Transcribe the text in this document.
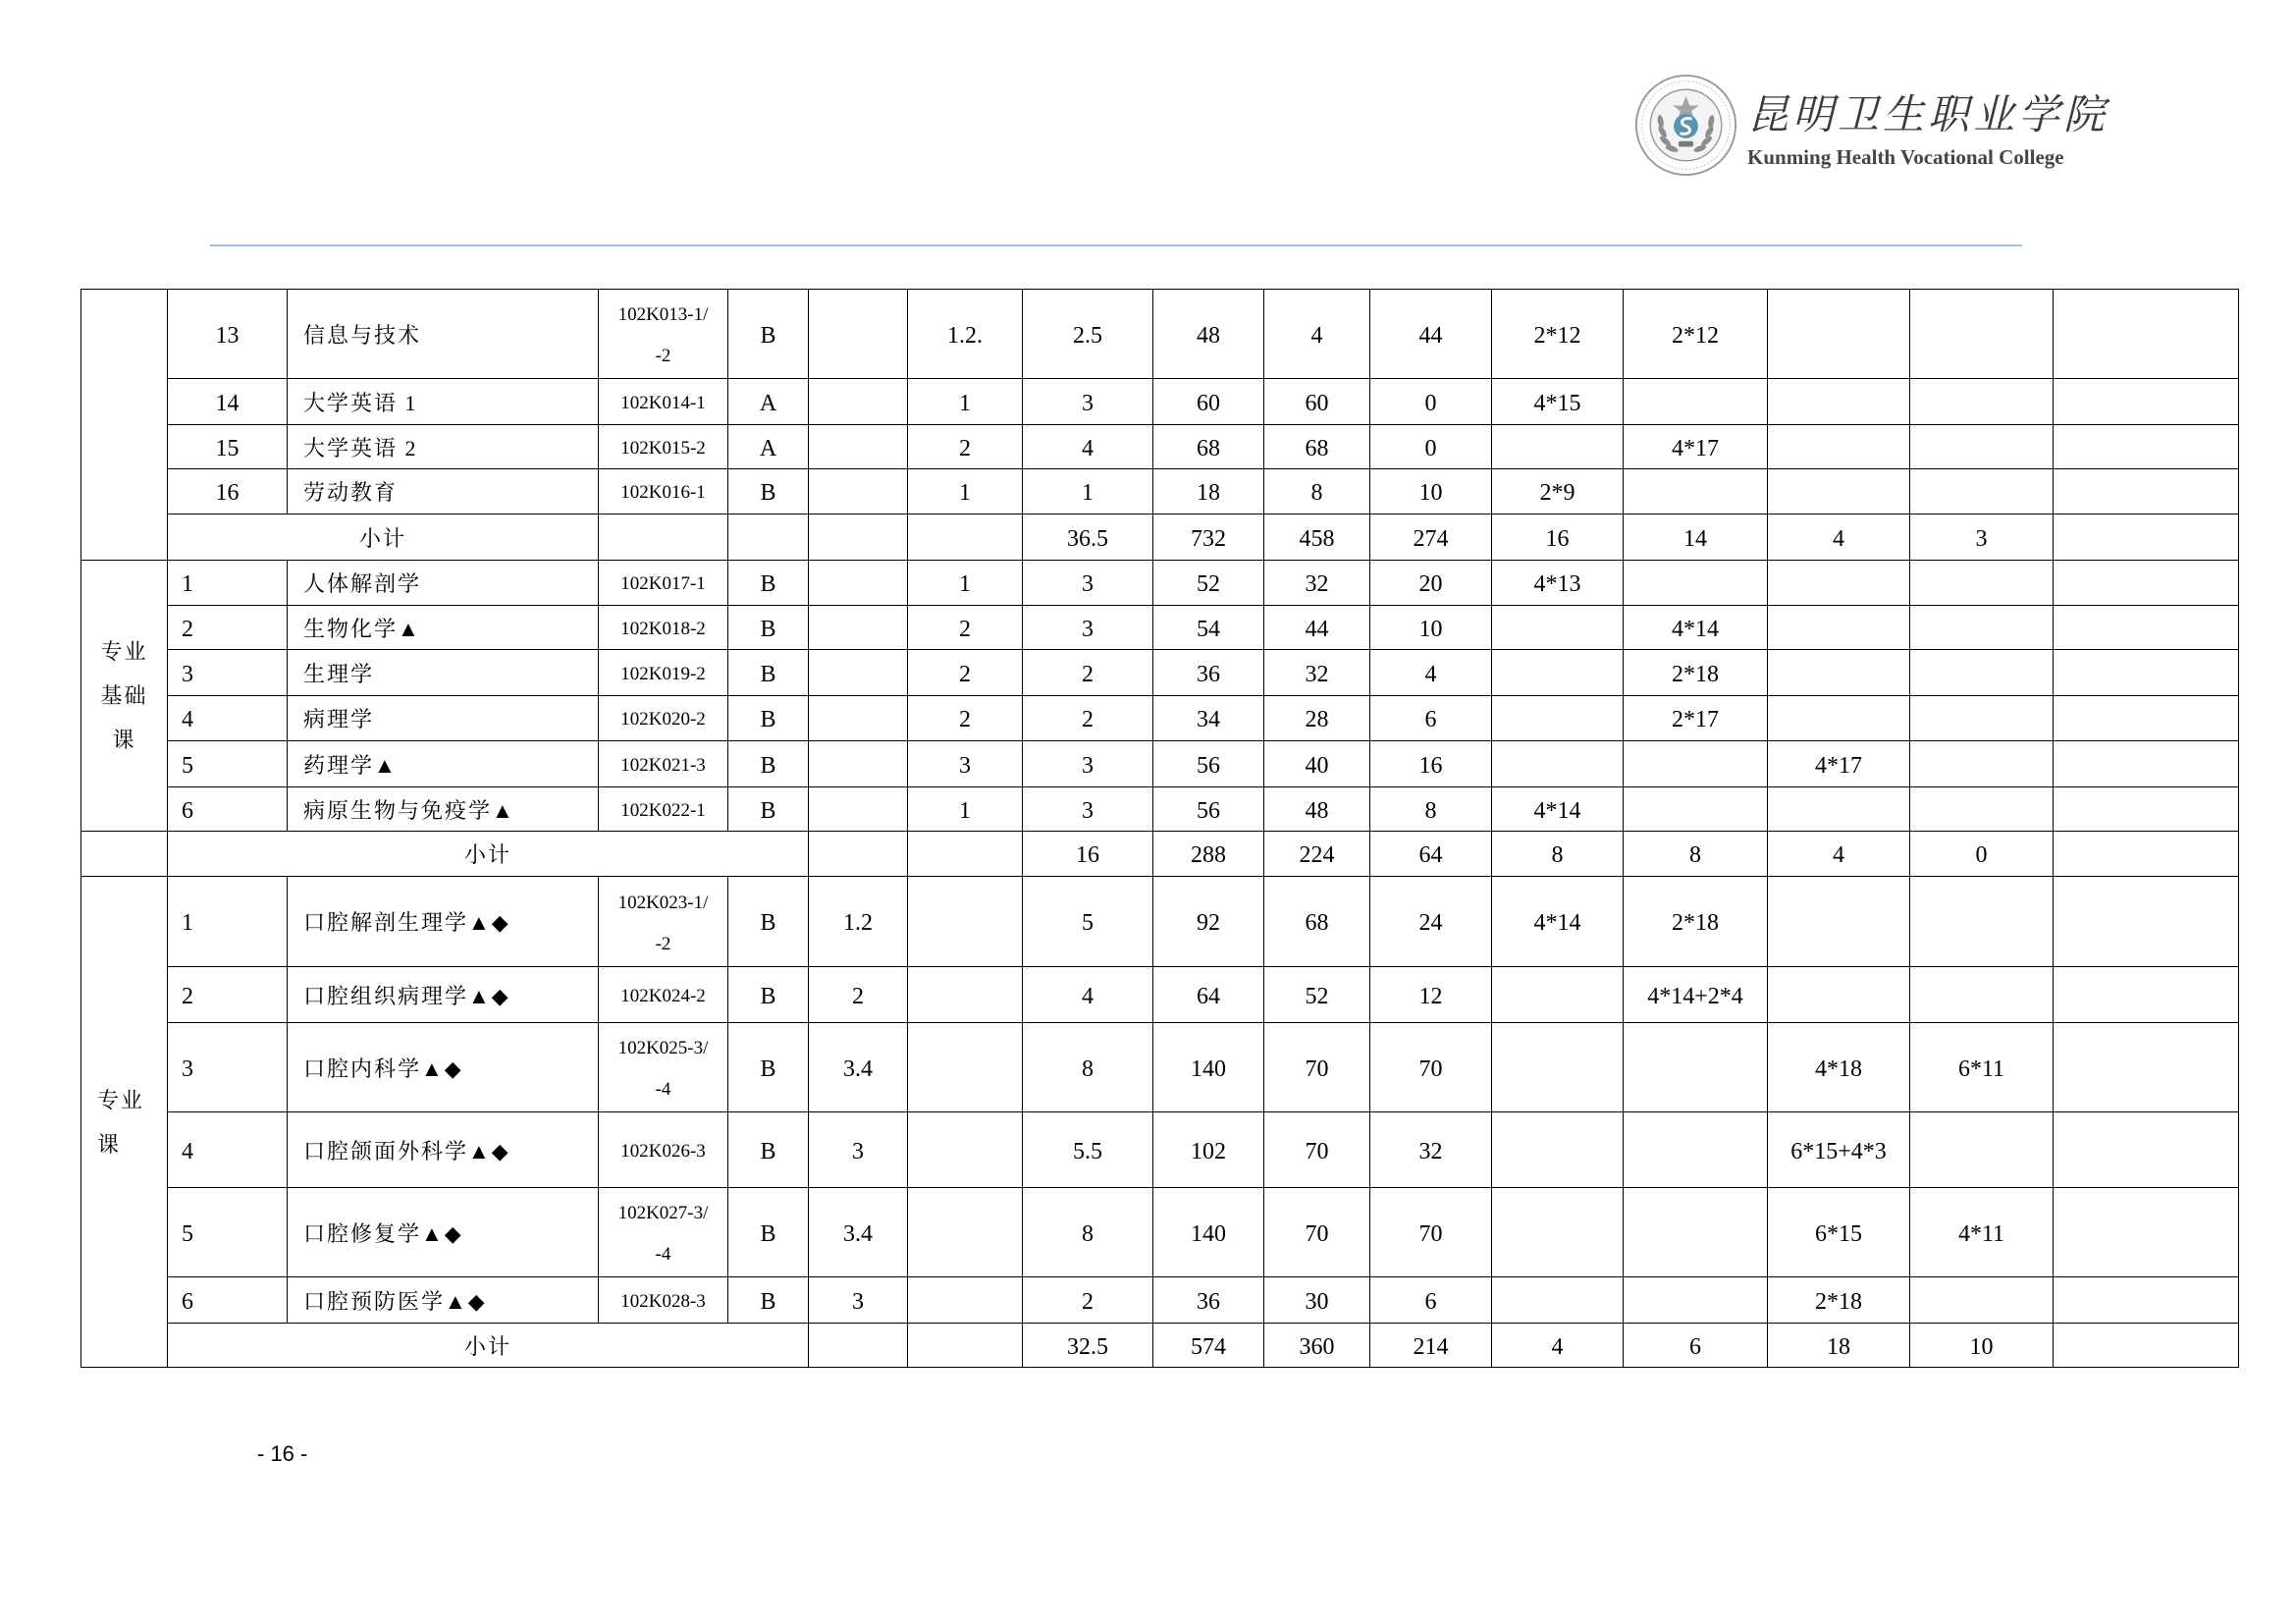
昆明卫生职业学院
Kunming Health Vocational College
	13	信息与技术	102K013-1/
-2	B		1.2.	2.5	48	4	44	2*12	2*12			
	14	大学英语 1	102K014-1	A		1	3	60	60	0	4*15				
	15	大学英语 2	102K015-2	A		2	4	68	68	0		4*17			
	16	劳动教育	102K016-1	B		1	1	18	8	10	2*9				
	小计						36.5	732	458	274	16	14	4	3	
专业基础课	1	人体解剖学	102K017-1	B		1	3	52	32	20	4*13				
	2	生物化学▲	102K018-2	B		2	3	54	44	10		4*14			
	3	生理学	102K019-2	B		2	2	36	32	4		2*18			
	4	病理学	102K020-2	B		2	2	34	28	6		2*17			
	5	药理学▲	102K021-3	B		3	3	56	40	16			4*17		
	6	病原生物与免疫学▲	102K022-1	B		1	3	56	48	8	4*14				
	小计						16	288	224	64	8	8	4	0	
专业课	1	口腔解剖生理学▲◆	102K023-1/
-2	B	1.2		5	92	68	24	4*14	2*18			
	2	口腔组织病理学▲◆	102K024-2	B	2		4	64	52	12		4*14+2*4			
	3	口腔内科学▲◆	102K025-3/
-4	B	3.4		8	140	70	70			4*18	6*11	
	4	口腔颌面外科学▲◆	102K026-3	B	3		5.5	102	70	32			6*15+4*3		
	5	口腔修复学▲◆	102K027-3/
-4	B	3.4		8	140	70	70			6*15	4*11	
	6	口腔预防医学▲◆	102K028-3	B	3		2	36	30	6			2*18		
	小计						32.5	574	360	214	4	6	18	10	
- 16 -
